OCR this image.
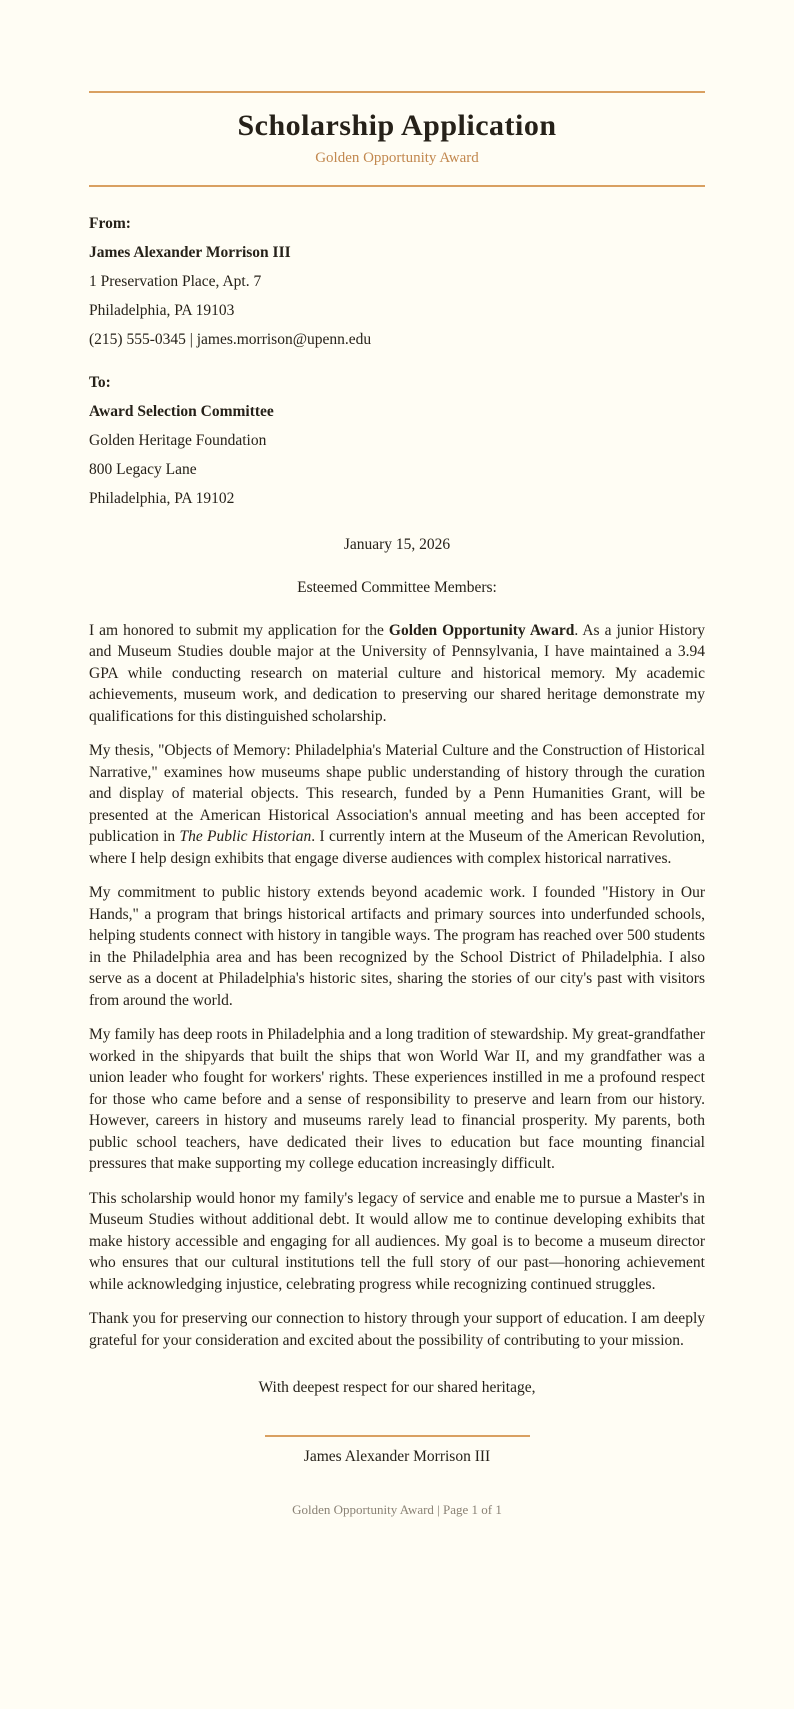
Scholarship Application
Golden Opportunity Award

From:

James Alexander Morrison III

1 Preservation Place, Apt. 7

Philadelphia, PA 19103

(215) 555-0345 | james.morrison@upenn.edu

To:

Award Selection Committee

Golden Heritage Foundation

800 Legacy Lane

Philadelphia, PA 19102

January 15, 2026

Esteemed Committee Members:

I am honored to submit my application for the Golden Opportunity Award. As a junior History and Museum Studies double major at the University of Pennsylvania, I have maintained a 3.94 GPA while conducting research on material culture and historical memory. My academic achievements, museum work, and dedication to preserving our shared heritage demonstrate my qualifications for this distinguished scholarship.

My thesis, "Objects of Memory: Philadelphia's Material Culture and the Construction of Historical Narrative," examines how museums shape public understanding of history through the curation and display of material objects. This research, funded by a Penn Humanities Grant, will be presented at the American Historical Association's annual meeting and has been accepted for publication in The Public Historian. I currently intern at the Museum of the American Revolution, where I help design exhibits that engage diverse audiences with complex historical narratives.

My commitment to public history extends beyond academic work. I founded "History in Our Hands," a program that brings historical artifacts and primary sources into underfunded schools, helping students connect with history in tangible ways. The program has reached over 500 students in the Philadelphia area and has been recognized by the School District of Philadelphia. I also serve as a docent at Philadelphia's historic sites, sharing the stories of our city's past with visitors from around the world.

My family has deep roots in Philadelphia and a long tradition of stewardship. My great-grandfather worked in the shipyards that built the ships that won World War II, and my grandfather was a union leader who fought for workers' rights. These experiences instilled in me a profound respect for those who came before and a sense of responsibility to preserve and learn from our history. However, careers in history and museums rarely lead to financial prosperity. My parents, both public school teachers, have dedicated their lives to education but face mounting financial pressures that make supporting my college education increasingly difficult.

This scholarship would honor my family's legacy of service and enable me to pursue a Master's in Museum Studies without additional debt. It would allow me to continue developing exhibits that make history accessible and engaging for all audiences. My goal is to become a museum director who ensures that our cultural institutions tell the full story of our past—honoring achievement while acknowledging injustice, celebrating progress while recognizing continued struggles.

Thank you for preserving our connection to history through your support of education. I am deeply grateful for your consideration and excited about the possibility of contributing to your mission.

With deepest respect for our shared heritage,

James Alexander Morrison III

Golden Opportunity Award | Page 1 of 1
